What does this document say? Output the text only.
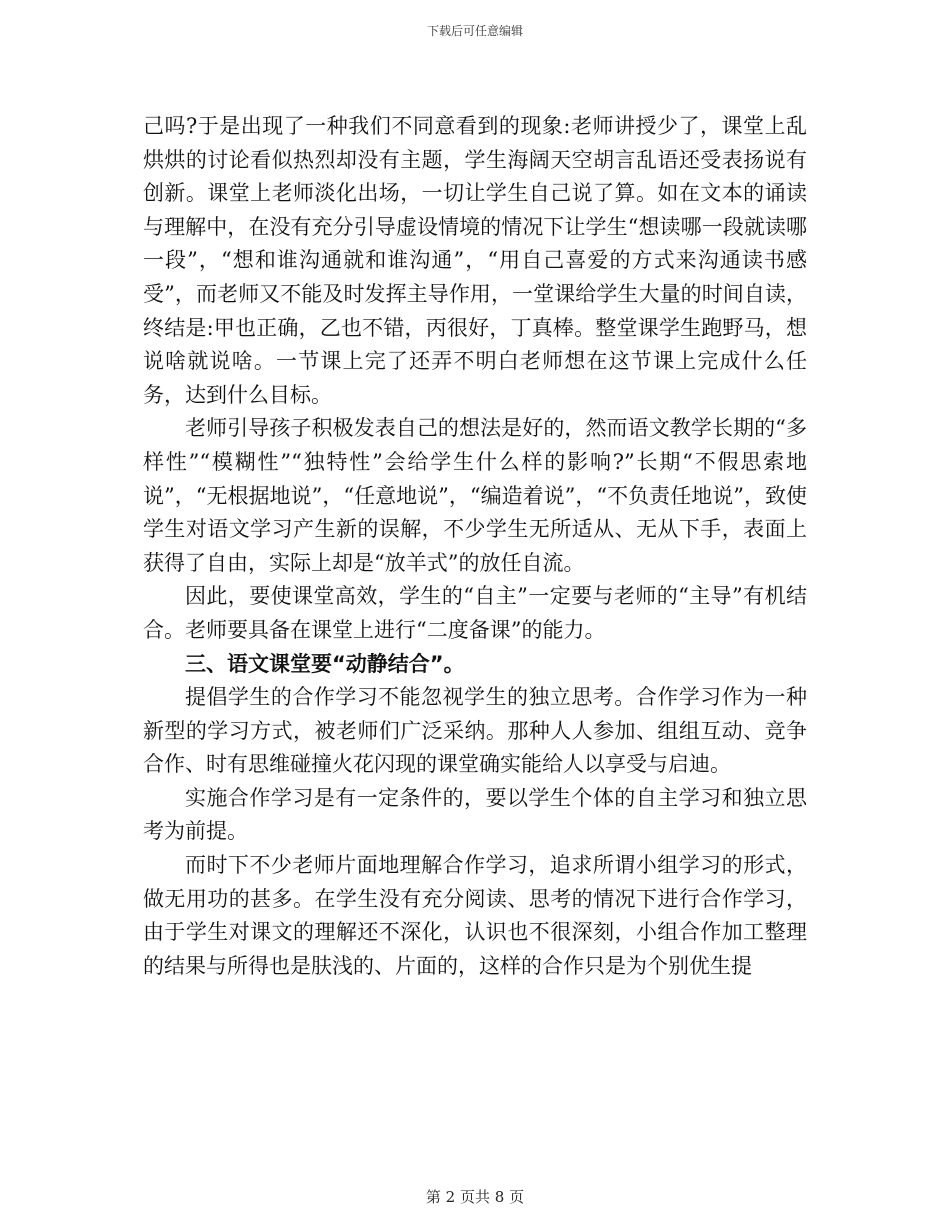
下载后可任意编辑

己吗?于是出现了一种我们不同意看到的现象:老师讲授少了，课堂上乱烘烘的讨论看似热烈却没有主题，学生海阔天空胡言乱语还受表扬说有创新。课堂上老师淡化出场，一切让学生自己说了算。如在文本的诵读与理解中，在没有充分引导虚设情境的情况下让学生“想读哪一段就读哪一段”，“想和谁沟通就和谁沟通”，“用自己喜爱的方式来沟通读书感受”，而老师又不能及时发挥主导作用，一堂课给学生大量的时间自读，终结是:甲也正确，乙也不错，丙很好，丁真棒。整堂课学生跑野马，想说啥就说啥。一节课上完了还弄不明白老师想在这节课上完成什么任务，达到什么目标。

老师引导孩子积极发表自己的想法是好的，然而语文教学长期的“多样性”“模糊性”“独特性”会给学生什么样的影响?”长期“不假思索地说”，“无根据地说”，“任意地说”，“编造着说”，“不负责任地说”，致使学生对语文学习产生新的误解，不少学生无所适从、无从下手，表面上获得了自由，实际上却是“放羊式”的放任自流。

因此，要使课堂高效，学生的“自主”一定要与老师的“主导”有机结合。老师要具备在课堂上进行“二度备课”的能力。

三、语文课堂要“动静结合”。

提倡学生的合作学习不能忽视学生的独立思考。合作学习作为一种新型的学习方式，被老师们广泛采纳。那种人人参加、组组互动、竞争合作、时有思维碰撞火花闪现的课堂确实能给人以享受与启迪。

实施合作学习是有一定条件的，要以学生个体的自主学习和独立思考为前提。

而时下不少老师片面地理解合作学习，追求所谓小组学习的形式，做无用功的甚多。在学生没有充分阅读、思考的情况下进行合作学习，由于学生对课文的理解还不深化，认识也不很深刻，小组合作加工整理的结果与所得也是肤浅的、片面的，这样的合作只是为个别优生提

第 2 页共 8 页
